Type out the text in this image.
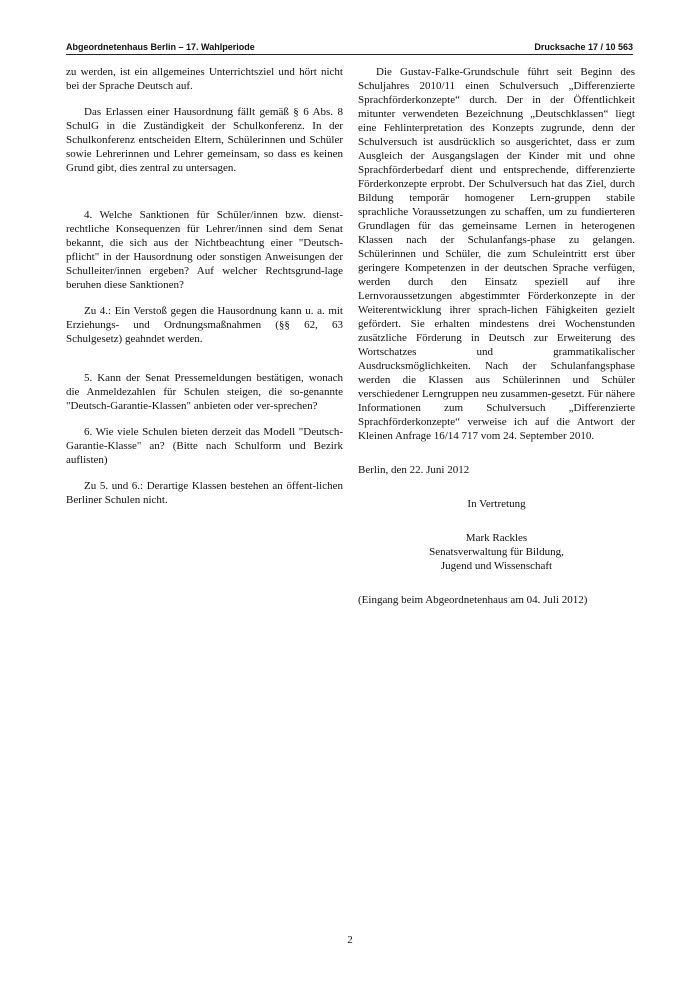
Abgeordnetenhaus Berlin – 17. Wahlperiode	Drucksache 17 / 10 563

zu werden, ist ein allgemeines Unterrichtsziel und hört nicht bei der Sprache Deutsch auf.

Das Erlassen einer Hausordnung fällt gemäß § 6 Abs. 8 SchulG in die Zuständigkeit der Schulkonferenz. In der Schulkonferenz entscheiden Eltern, Schülerinnen und Schüler sowie Lehrerinnen und Lehrer gemeinsam, so dass es keinen Grund gibt, dies zentral zu untersagen.

4. Welche Sanktionen für Schüler/innen bzw. dienst-rechtliche Konsequenzen für Lehrer/innen sind dem Senat bekannt, die sich aus der Nichtbeachtung einer "Deutsch-pflicht" in der Hausordnung oder sonstigen Anweisungen der Schulleiter/innen ergeben? Auf welcher Rechtsgrund-lage beruhen diese Sanktionen?

Zu 4.: Ein Verstoß gegen die Hausordnung kann u. a. mit Erziehungs- und Ordnungsmaßnahmen (§§ 62, 63 Schulgesetz) geahndet werden.

5. Kann der Senat Pressemeldungen bestätigen, wonach die Anmeldezahlen für Schulen steigen, die so-genannte "Deutsch-Garantie-Klassen" anbieten oder ver-sprechen?

6. Wie viele Schulen bieten derzeit das Modell "Deutsch-Garantie-Klasse" an? (Bitte nach Schulform und Bezirk auflisten)

Zu 5. und 6.: Derartige Klassen bestehen an öffent-lichen Berliner Schulen nicht.

Die Gustav-Falke-Grundschule führt seit Beginn des Schuljahres 2010/11 einen Schulversuch „Differenzierte Sprachförderkonzepte“ durch. Der in der Öffentlichkeit mitunter verwendeten Bezeichnung „Deutschklassen“ liegt eine Fehlinterpretation des Konzepts zugrunde, denn der Schulversuch ist ausdrücklich so ausgerichtet, dass er zum Ausgleich der Ausgangslagen der Kinder mit und ohne Sprachförderbedarf dient und entsprechende, differenzierte Förderkonzepte erprobt. Der Schulversuch hat das Ziel, durch Bildung temporär homogener Lern-gruppen stabile sprachliche Voraussetzungen zu schaffen, um zu fundierteren Grundlagen für das gemeinsame Lernen in heterogenen Klassen nach der Schulanfangs-phase zu gelangen. Schülerinnen und Schüler, die zum Schuleintritt erst über geringere Kompetenzen in der deutschen Sprache verfügen, werden durch den Einsatz speziell auf ihre Lernvoraussetzungen abgestimmter Förderkonzepte in der Weiterentwicklung ihrer sprach-lichen Fähigkeiten gezielt gefördert. Sie erhalten mindestens drei Wochenstunden zusätzliche Förderung in Deutsch zur Erweiterung des Wortschatzes und grammatikalischer Ausdrucksmöglichkeiten. Nach der Schulanfangsphase werden die Klassen aus Schülerinnen und Schüler verschiedener Lerngruppen neu zusammen-gesetzt. Für nähere Informationen zum Schulversuch „Differenzierte Sprachförderkonzepte“ verweise ich auf die Antwort der Kleinen Anfrage 16/14 717 vom 24. September 2010.

Berlin, den 22. Juni 2012

In Vertretung
Mark Rackles
Senatsverwaltung für Bildung,
Jugend und Wissenschaft

(Eingang beim Abgeordnetenhaus am 04. Juli 2012)

2
